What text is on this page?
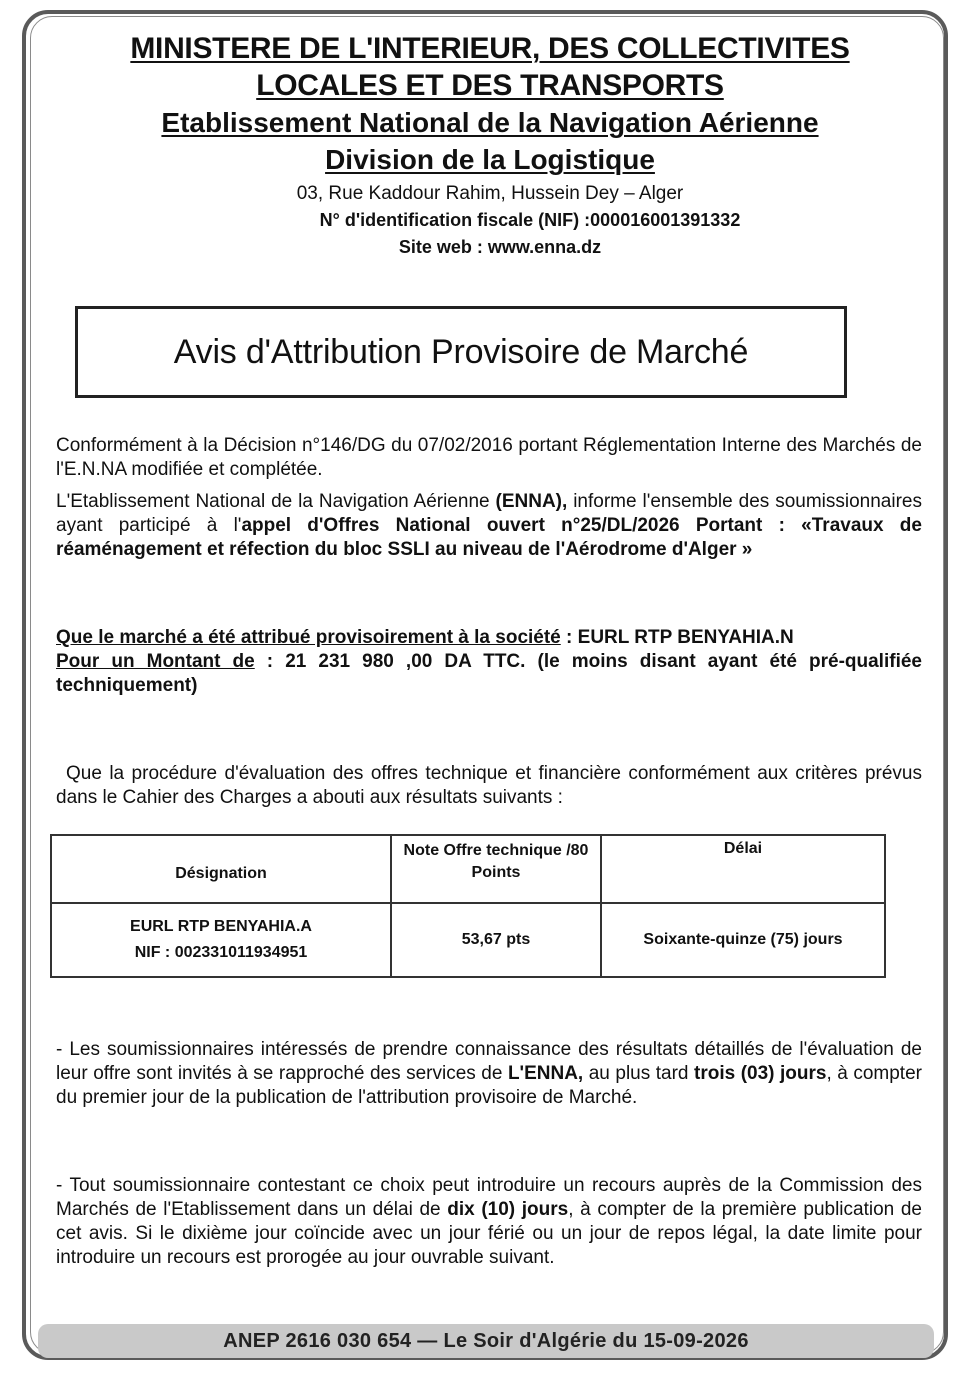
MINISTERE DE L'INTERIEUR, DES COLLECTIVITES
LOCALES ET DES TRANSPORTS
Etablissement National de la Navigation Aérienne
Division de la Logistique
03, Rue Kaddour Rahim, Hussein Dey – Alger
N° d'identification fiscale (NIF) :000016001391332
Site web : www.enna.dz
Avis d'Attribution Provisoire de Marché
Conformément à la Décision n°146/DG du 07/02/2016 portant Réglementation Interne des Marchés de l'E.N.NA modifiée et complétée.
L'Etablissement National de la Navigation Aérienne (ENNA), informe l'ensemble des soumissionnaires ayant participé à l'appel d'Offres National ouvert n°25/DL/2026 Portant : «Travaux de réaménagement et réfection du bloc SSLI au niveau de l'Aérodrome d'Alger »
Que le marché a été attribué provisoirement à la société : EURL RTP BENYAHIA.N
Pour un Montant de : 21 231 980 ,00 DA TTC. (le moins disant ayant été pré-qualifiée techniquement)
Que la procédure d'évaluation des offres technique et financière conformément aux critères prévus dans le Cahier des Charges a abouti aux résultats suivants :
Désignation	Note Offre technique /80 Points	Délai

EURL RTP BENYAHIA.A
NIF : 002331011934951	53,67 pts	Soixante-quinze (75) jours
- Les soumissionnaires intéressés de prendre connaissance des résultats détaillés de l'évaluation de leur offre sont invités à se rapproché des services de L'ENNA, au plus tard trois (03) jours, à compter du premier jour de la publication de l'attribution provisoire de Marché.
- Tout soumissionnaire contestant ce choix peut introduire un recours auprès de la Commission des Marchés de l'Etablissement dans un délai de dix (10) jours, à compter de la première publication de cet avis. Si le dixième jour coïncide avec un jour férié ou un jour de repos légal, la date limite pour introduire un recours est prorogée au jour ouvrable suivant.
ANEP 2616 030 654 — Le Soir d'Algérie du 15-09-2026
